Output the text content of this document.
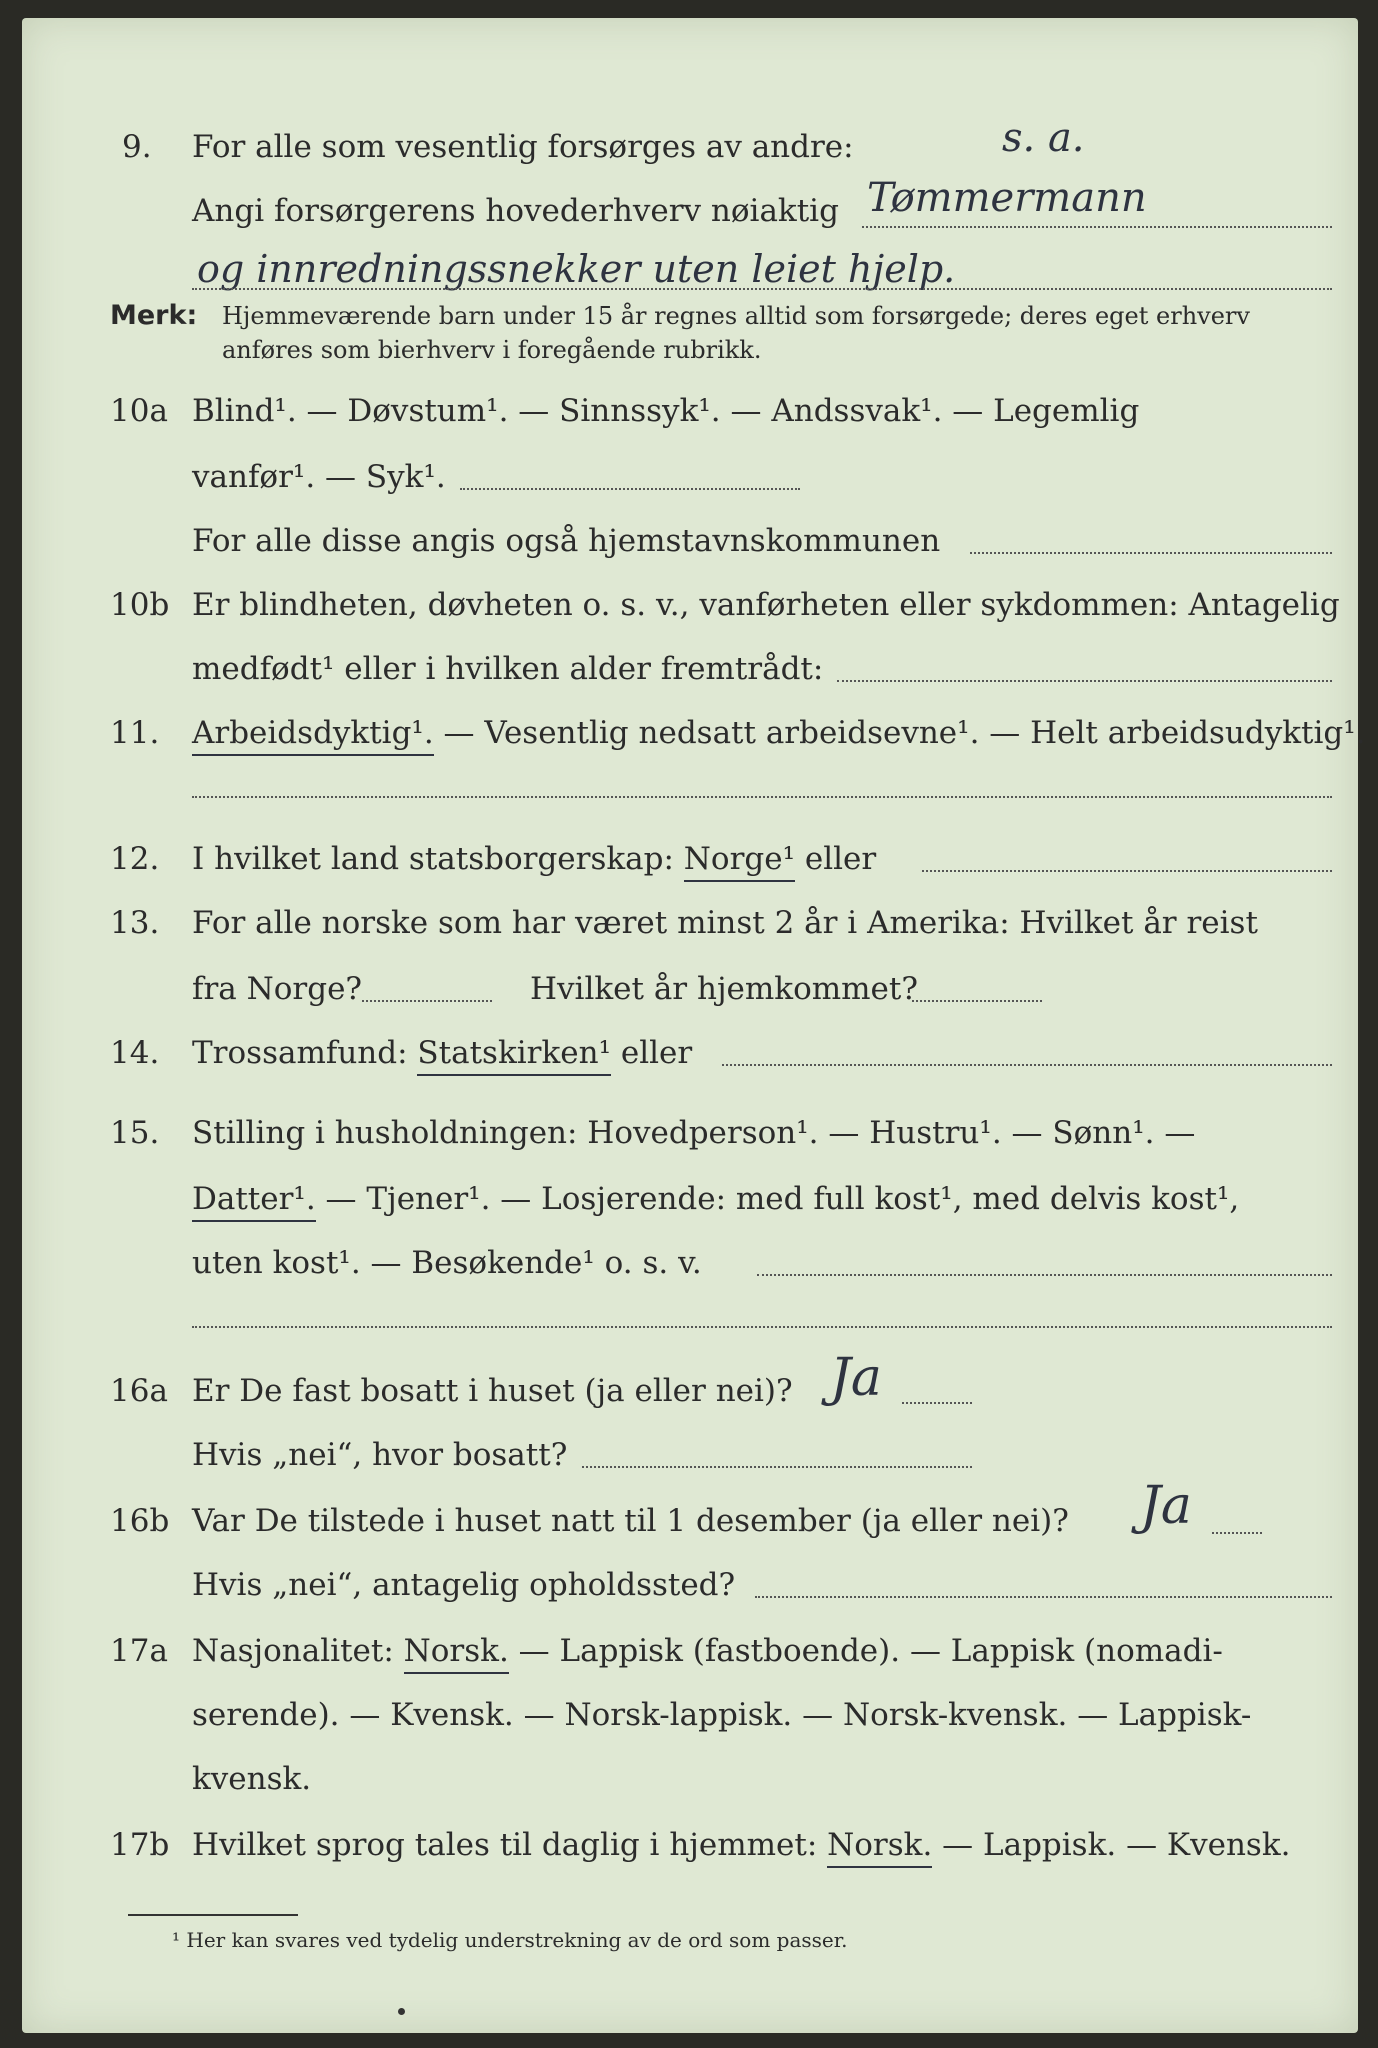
9. For alle som vesentlig forsørges av andre:	s. a.
Angi forsørgerens hovederhverv nøiaktig Tømmermann
og innredningssnekker uten leiet hjelp.
Merk: Hjemmeværende barn under 15 år regnes alltid som forsørgede; deres eget erhverv
anføres som bierhverv i foregående rubrikk.
10a Blind¹. — Døvstum¹. — Sinnssyk¹. — Andssvak¹. — Legemlig
vanfør¹. — Syk¹.
For alle disse angis også hjemstavnskommunen
10b Er blindheten, døvheten o. s. v., vanførheten eller sykdommen: Antagelig
medfødt¹ eller i hvilken alder fremtrådt:
11. Arbeidsdyktig¹. — Vesentlig nedsatt arbeidsevne¹. — Helt arbeidsudyktig¹.
12. I hvilket land statsborgerskap: Norge¹ eller
13. For alle norske som har været minst 2 år i Amerika: Hvilket år reist
fra Norge?	Hvilket år hjemkommet?
14. Trossamfund: Statskirken¹ eller
15. Stilling i husholdningen: Hovedperson¹. — Hustru¹. — Sønn¹. —
Datter¹. — Tjener¹. — Losjerende: med full kost¹, med delvis kost¹,
uten kost¹. — Besøkende¹ o. s. v.
16a Er De fast bosatt i huset (ja eller nei)? Ja
Hvis „nei“, hvor bosatt?
16b Var De tilstede i huset natt til 1 desember (ja eller nei)? Ja
Hvis „nei“, antagelig opholdssted?
17a Nasjonalitet: Norsk. — Lappisk (fastboende). — Lappisk (nomadi-
serende). — Kvensk. — Norsk-lappisk. — Norsk-kvensk. — Lappisk-
kvensk.
17b Hvilket sprog tales til daglig i hjemmet: Norsk. — Lappisk. — Kvensk.
¹ Her kan svares ved tydelig understrekning av de ord som passer.
